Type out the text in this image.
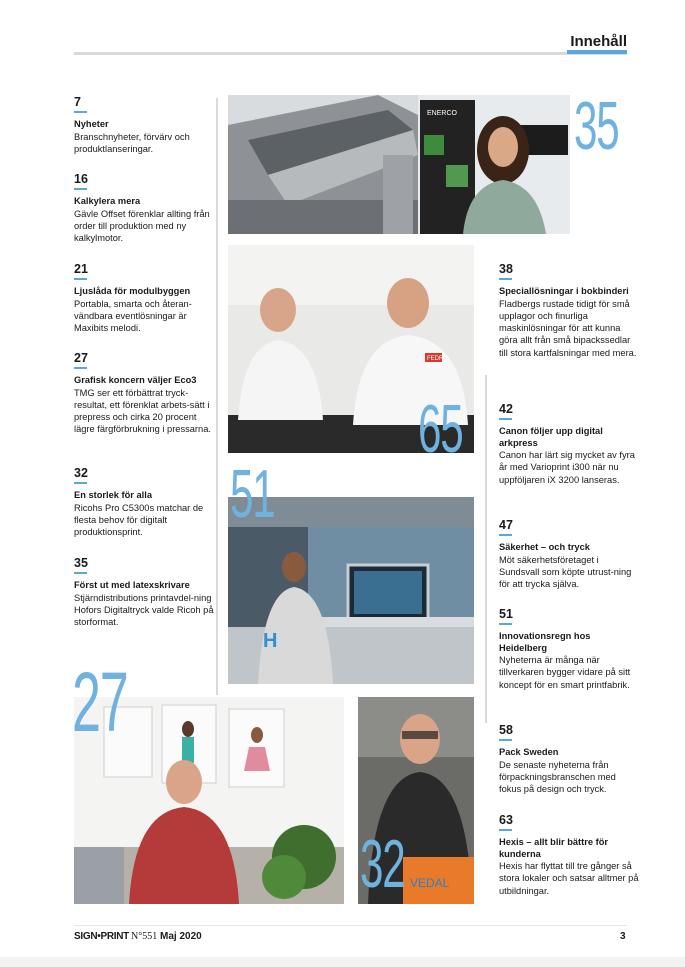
Innehåll
7
Nyheter
Branschnyheter, förvärv och produktlanseringar.
16
Kalkylera mera
Gävle Offset förenklar allting från order till produktion med ny kalkylmotor.
21
Ljuslåda för modulbyggen
Portabla, smarta och återan-vändbara eventlösningar är Maxibits melodi.
27
Grafisk koncern väljer Eco3
TMG ser ett förbättrat tryck-resultat, ett förenklat arbets-sätt i prepress och cirka 20 procent lägre färgförbrukning i pressarna.
32
En storlek för alla
Ricohs Pro C5300s matchar de flesta behov för digitalt produktionsprint.
35
Först ut med latexskrivare
Stjärndistributions printavdel-ning Hofors Digitaltryck valde Ricoh på storformat.
38
Speciallösningar i bokbinderi
Fladbergs rustade tidigt för små upplagor och finurliga maskinlösningar för att kunna göra allt från små bipackssedlar till stora kartfalsningar med mera.
42
Canon följer upp digital arkpress
Canon har lärt sig mycket av fyra år med Varioprint i300 när nu uppföljaren iX 3200 lanseras.
47
Säkerhet – och tryck
Möt säkerhetsföretaget i Sundsvall som köpte utrust-ning för att trycka själva.
51
Innovationsregn hos Heidelberg
Nyheterna är många när tillverkaren bygger vidare på sitt koncept för en smart printfabrik.
58
Pack Sweden
De senaste nyheterna från förpackningsbranschen med fokus på design och tryck.
63
Hexis – allt blir bättre för kunderna
Hexis har flyttat till tre gånger så stora lokaler och satsar alltmer på utbildningar.
ENERCO 35
FEDR
65
H
51
27
VEDAL
32
SIGN•PRINT N°551 Maj 2020	3
